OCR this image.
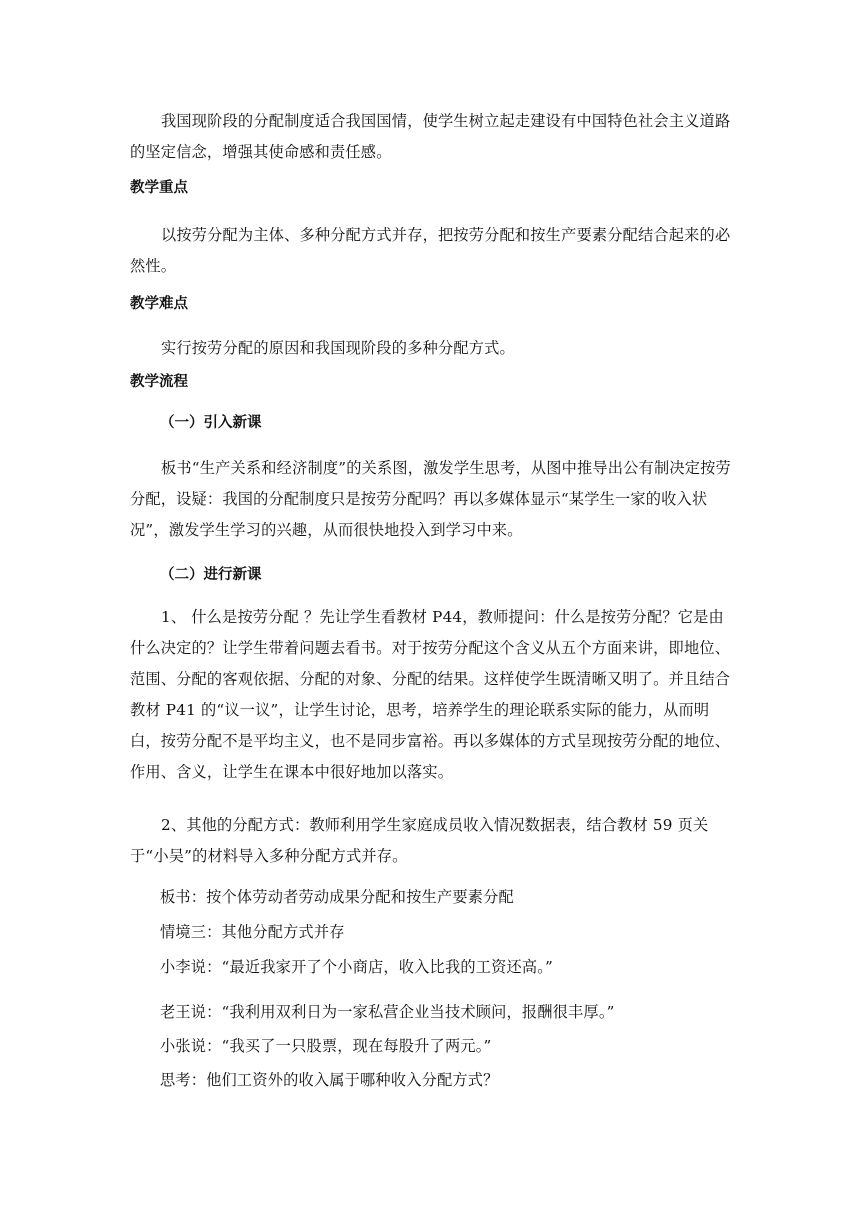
我国现阶段的分配制度适合我国国情，使学生树立起走建设有中国特色社会主义道路的坚定信念，增强其使命感和责任感。
教学重点
以按劳分配为主体、多种分配方式并存，把按劳分配和按生产要素分配结合起来的必然性。
教学难点
实行按劳分配的原因和我国现阶段的多种分配方式。
教学流程
（一）引入新课
板书“生产关系和经济制度”的关系图，激发学生思考，从图中推导出公有制决定按劳分配，设疑：我国的分配制度只是按劳分配吗？再以多媒体显示“某学生一家的收入状况”，激发学生学习的兴趣，从而很快地投入到学习中来。
（二）进行新课
1、 什么是按劳分配 ？先让学生看教材 P44，教师提问：什么是按劳分配？它是由什么决定的？让学生带着问题去看书。对于按劳分配这个含义从五个方面来讲，即地位、范围、分配的客观依据、分配的对象、分配的结果。这样使学生既清晰又明了。并且结合教材 P41 的“议一议”，让学生讨论，思考，培养学生的理论联系实际的能力，从而明白，按劳分配不是平均主义，也不是同步富裕。再以多媒体的方式呈现按劳分配的地位、作用、含义，让学生在课本中很好地加以落实。
2、其他的分配方式：教师利用学生家庭成员收入情况数据表，结合教材 59 页关于“小吴”的材料导入多种分配方式并存。
板书：按个体劳动者劳动成果分配和按生产要素分配
情境三：其他分配方式并存
小李说：“最近我家开了个小商店，收入比我的工资还高。”
老王说：“我利用双利日为一家私营企业当技术顾问，报酬很丰厚。”
小张说：“我买了一只股票，现在每股升了两元。”
思考：他们工资外的收入属于哪种收入分配方式？
